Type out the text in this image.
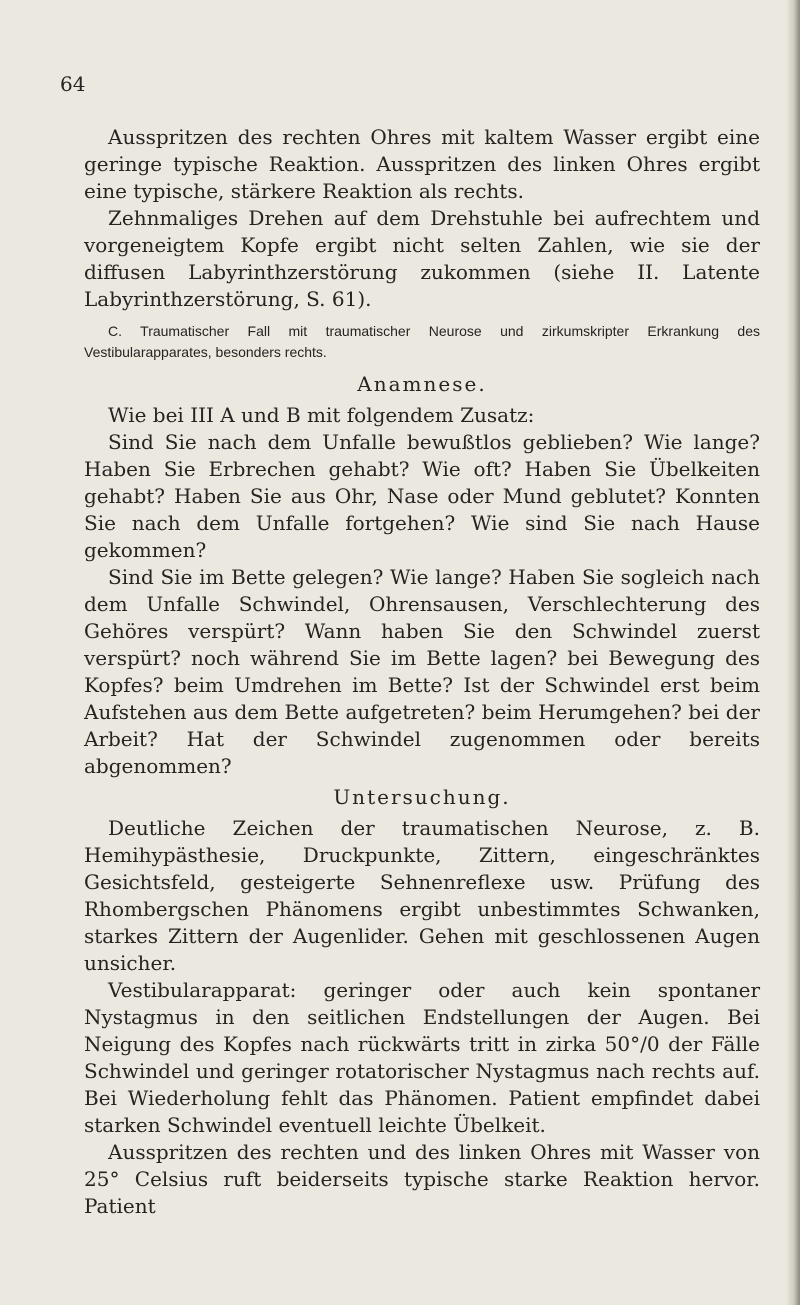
64
Ausspritzen des rechten Ohres mit kaltem Wasser ergibt eine geringe typische Reaktion. Ausspritzen des linken Ohres ergibt eine typische, stärkere Reaktion als rechts.
Zehnmaliges Drehen auf dem Drehstuhle bei aufrechtem und vorgeneigtem Kopfe ergibt nicht selten Zahlen, wie sie der diffusen Labyrinthzerstörung zukommen (siehe II. Latente Labyrinthzerstörung, S. 61).
C. Traumatischer Fall mit traumatischer Neurose und zirkumskripter Erkrankung des Vestibularapparates, besonders rechts.
Anamnese.
Wie bei III A und B mit folgendem Zusatz:
Sind Sie nach dem Unfalle bewußtlos geblieben? Wie lange? Haben Sie Erbrechen gehabt? Wie oft? Haben Sie Übelkeiten gehabt? Haben Sie aus Ohr, Nase oder Mund geblutet? Konnten Sie nach dem Unfalle fortgehen? Wie sind Sie nach Hause gekommen?
Sind Sie im Bette gelegen? Wie lange? Haben Sie sogleich nach dem Unfalle Schwindel, Ohrensausen, Verschlechterung des Gehöres verspürt? Wann haben Sie den Schwindel zuerst verspürt? noch während Sie im Bette lagen? bei Bewegung des Kopfes? beim Umdrehen im Bette? Ist der Schwindel erst beim Aufstehen aus dem Bette aufgetreten? beim Herumgehen? bei der Arbeit? Hat der Schwindel zugenommen oder bereits abgenommen?
Untersuchung.
Deutliche Zeichen der traumatischen Neurose, z. B. Hemihypästhesie, Druckpunkte, Zittern, eingeschränktes Gesichtsfeld, gesteigerte Sehnenreflexe usw. Prüfung des Rhombergschen Phänomens ergibt unbestimmtes Schwanken, starkes Zittern der Augenlider. Gehen mit geschlossenen Augen unsicher.
Vestibularapparat: geringer oder auch kein spontaner Nystagmus in den seitlichen Endstellungen der Augen. Bei Neigung des Kopfes nach rückwärts tritt in zirka 50°/0 der Fälle Schwindel und geringer rotatorischer Nystagmus nach rechts auf. Bei Wiederholung fehlt das Phänomen. Patient empfindet dabei starken Schwindel eventuell leichte Übelkeit.
Ausspritzen des rechten und des linken Ohres mit Wasser von 25° Celsius ruft beiderseits typische starke Reaktion hervor. Patient
